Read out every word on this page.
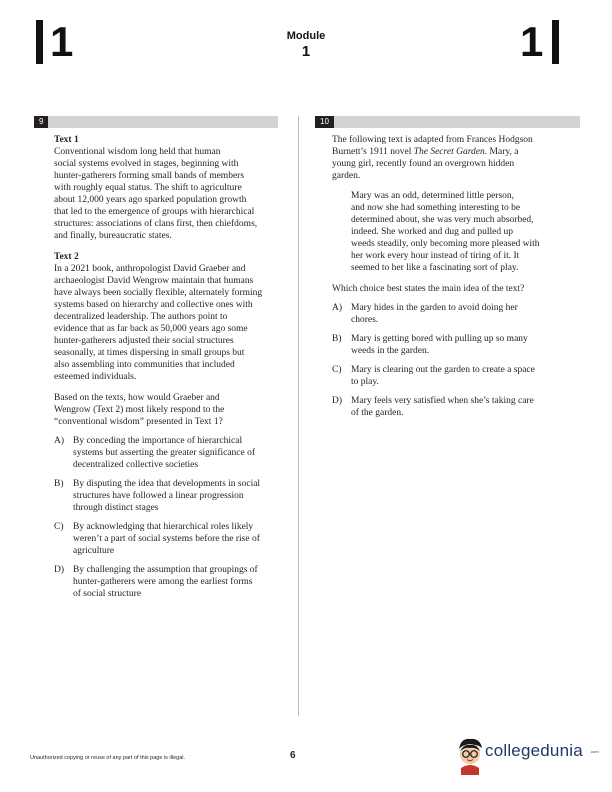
1	Module
1	1
9	10

Text 1

Conventional wisdom long held that human

social systems evolved in stages, beginning with

hunter-gatherers forming small bands of members

with roughly equal status. The shift to agriculture

about 12,000 years ago sparked population growth

that led to the emergence of groups with hierarchical

structures: associations of clans first, then chiefdoms,

and finally, bureaucratic states.

Text 2

In a 2021 book, anthropologist David Graeber and

archaeologist David Wengrow maintain that humans

have always been socially flexible, alternately forming

systems based on hierarchy and collective ones with

decentralized leadership. The authors point to

evidence that as far back as 50,000 years ago some

hunter-gatherers adjusted their social structures

seasonally, at times dispersing in small groups but

also assembling into communities that included

esteemed individuals.

Based on the texts, how would Graeber and

Wengrow (Text 2) most likely respond to the

“conventional wisdom” presented in Text 1?

A) By conceding the importance of hierarchical

systems but asserting the greater significance of

decentralized collective societies

B) By disputing the idea that developments in social

structures have followed a linear progression

through distinct stages

C) By acknowledging that hierarchical roles likely

weren’t a part of social systems before the rise of

agriculture

D) By challenging the assumption that groupings of

hunter-gatherers were among the earliest forms

of social structure

The following text is adapted from Frances Hodgson

Burnett’s 1911 novel The Secret Garden. Mary, a

young girl, recently found an overgrown hidden

garden.

Mary was an odd, determined little person,

and now she had something interesting to be

determined about, she was very much absorbed,

indeed. She worked and dug and pulled up

weeds steadily, only becoming more pleased with

her work every hour instead of tiring of it. It

seemed to her like a fascinating sort of play.

Which choice best states the main idea of the text?

A) Mary hides in the garden to avoid doing her

chores.

B) Mary is getting bored with pulling up so many

weeds in the garden.

C) Mary is clearing out the garden to create a space

to play.

D) Mary feels very satisfied when she’s taking care

of the garden.

Unauthorized copying or reuse of any part of this page is illegal.	6	collegedunia .com
